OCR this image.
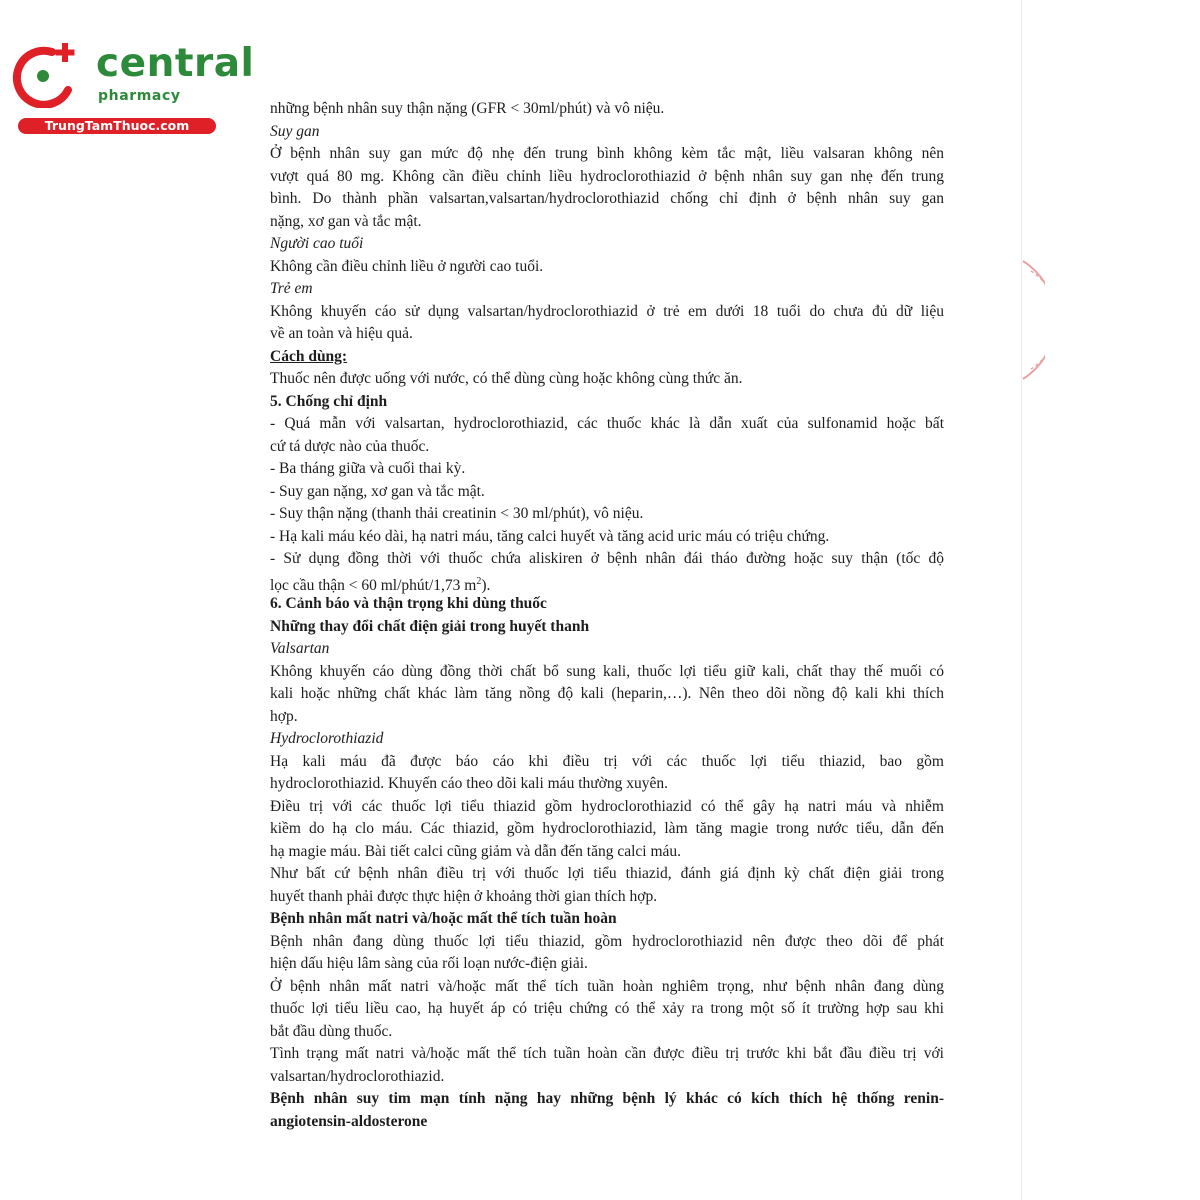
central
pharmacy
TrungTamThuoc.com
những bệnh nhân suy thận nặng (GFR < 30ml/phút) và vô niệu.
Suy gan
Ở bệnh nhân suy gan mức độ nhẹ đến trung bình không kèm tắc mật, liều valsaran không nên
vượt quá 80 mg. Không cần điều chỉnh liều hydroclorothiazid ở bệnh nhân suy gan nhẹ đến trung
bình. Do thành phần valsartan,valsartan/hydroclorothiazid chống chỉ định ở bệnh nhân suy gan
nặng, xơ gan và tắc mật.
Người cao tuổi
Không cần điều chỉnh liều ở người cao tuổi.
Trẻ em
Không khuyến cáo sử dụng valsartan/hydroclorothiazid ở trẻ em dưới 18 tuổi do chưa đủ dữ liệu
về an toàn và hiệu quả.
Cách dùng:
Thuốc nên được uống với nước, có thể dùng cùng hoặc không cùng thức ăn.
5. Chống chỉ định
- Quá mẫn với valsartan, hydroclorothiazid, các thuốc khác là dẫn xuất của sulfonamid hoặc bất
cứ tá dược nào của thuốc.
- Ba tháng giữa và cuối thai kỳ.
- Suy gan nặng, xơ gan và tắc mật.
- Suy thận nặng (thanh thải creatinin < 30 ml/phút), vô niệu.
- Hạ kali máu kéo dài, hạ natri máu, tăng calci huyết và tăng acid uric máu có triệu chứng.
- Sử dụng đồng thời với thuốc chứa aliskiren ở bệnh nhân đái tháo đường hoặc suy thận (tốc độ
lọc cầu thận < 60 ml/phút/1,73 $m^2$).
6. Cảnh báo và thận trọng khi dùng thuốc
Những thay đổi chất điện giải trong huyết thanh
Valsartan
Không khuyến cáo dùng đồng thời chất bổ sung kali, thuốc lợi tiểu giữ kali, chất thay thế muối có
kali hoặc những chất khác làm tăng nồng độ kali (heparin,…). Nên theo dõi nồng độ kali khi thích
hợp.
Hydroclorothiazid
Hạ kali máu đã được báo cáo khi điều trị với các thuốc lợi tiểu thiazid, bao gồm
hydroclorothiazid. Khuyến cáo theo dõi kali máu thường xuyên.
Điều trị với các thuốc lợi tiểu thiazid gồm hydroclorothiazid có thể gây hạ natri máu và nhiễm
kiềm do hạ clo máu. Các thiazid, gồm hydroclorothiazid, làm tăng magie trong nước tiểu, dẫn đến
hạ magie máu. Bài tiết calci cũng giảm và dẫn đến tăng calci máu.
Như bất cứ bệnh nhân điều trị với thuốc lợi tiểu thiazid, đánh giá định kỳ chất điện giải trong
huyết thanh phải được thực hiện ở khoảng thời gian thích hợp.
Bệnh nhân mất natri và/hoặc mất thể tích tuần hoàn
Bệnh nhân đang dùng thuốc lợi tiểu thiazid, gồm hydroclorothiazid nên được theo dõi để phát
hiện dấu hiệu lâm sàng của rối loạn nước-điện giải.
Ở bệnh nhân mất natri và/hoặc mất thể tích tuần hoàn nghiêm trọng, như bệnh nhân đang dùng
thuốc lợi tiểu liều cao, hạ huyết áp có triệu chứng có thể xảy ra trong một số ít trường hợp sau khi
bắt đầu dùng thuốc.
Tình trạng mất natri và/hoặc mất thể tích tuần hoàn cần được điều trị trước khi bắt đầu điều trị với
valsartan/hydroclorothiazid.
Bệnh nhân suy tim mạn tính nặng hay những bệnh lý khác có kích thích hệ thống renin-
angiotensin-aldosterone
